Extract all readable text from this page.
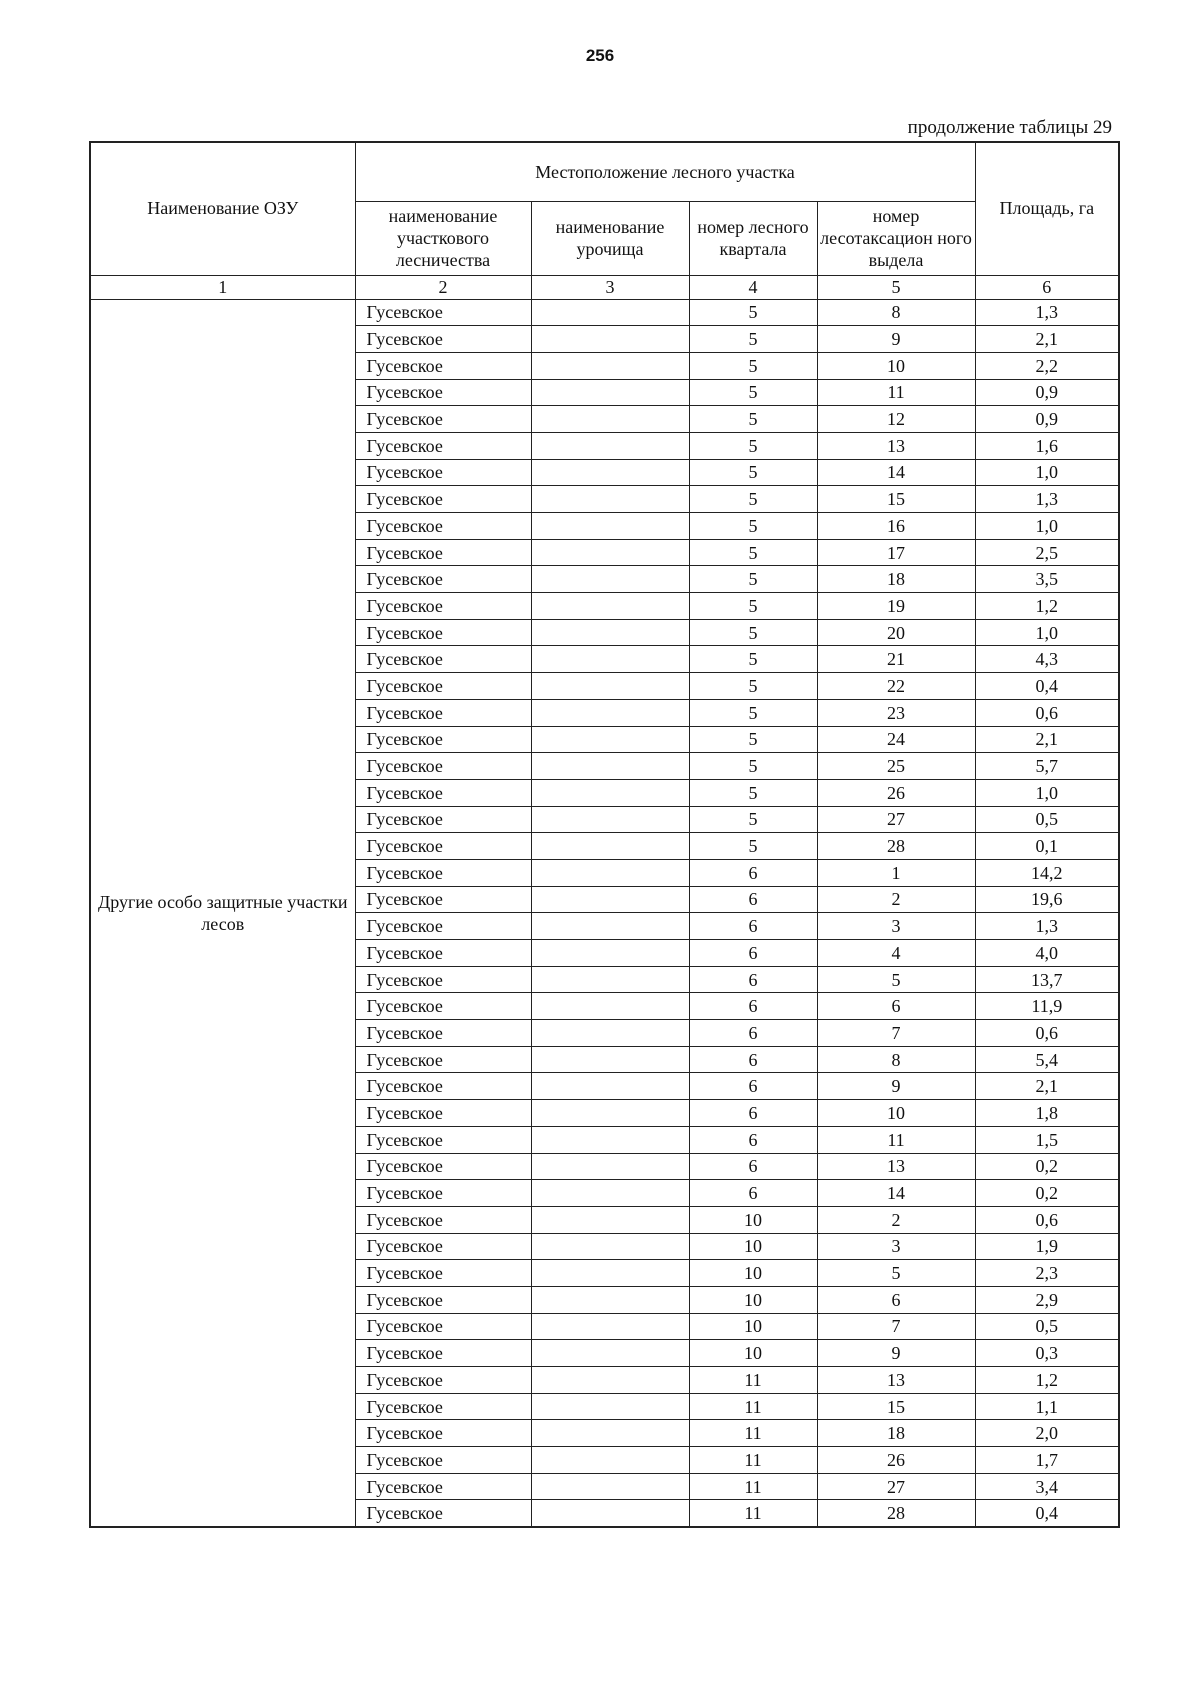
256
продолжение таблицы 29
Наименование ОЗУ	Местоположение лесного участка				Площадь, га
	наименование участкового лесничества	наименование урочища	номер лесного квартала	номер лесотаксацион ного выдела	
1	2	3	4	5	6
Другие особо защитные участки лесов	Гусевское		5	8	1,3
	Гусевское		5	9	2,1
	Гусевское		5	10	2,2
	Гусевское		5	11	0,9
	Гусевское		5	12	0,9
	Гусевское		5	13	1,6
	Гусевское		5	14	1,0
	Гусевское		5	15	1,3
	Гусевское		5	16	1,0
	Гусевское		5	17	2,5
	Гусевское		5	18	3,5
	Гусевское		5	19	1,2
	Гусевское		5	20	1,0
	Гусевское		5	21	4,3
	Гусевское		5	22	0,4
	Гусевское		5	23	0,6
	Гусевское		5	24	2,1
	Гусевское		5	25	5,7
	Гусевское		5	26	1,0
	Гусевское		5	27	0,5
	Гусевское		5	28	0,1
	Гусевское		6	1	14,2
	Гусевское		6	2	19,6
	Гусевское		6	3	1,3
	Гусевское		6	4	4,0
	Гусевское		6	5	13,7
	Гусевское		6	6	11,9
	Гусевское		6	7	0,6
	Гусевское		6	8	5,4
	Гусевское		6	9	2,1
	Гусевское		6	10	1,8
	Гусевское		6	11	1,5
	Гусевское		6	13	0,2
	Гусевское		6	14	0,2
	Гусевское		10	2	0,6
	Гусевское		10	3	1,9
	Гусевское		10	5	2,3
	Гусевское		10	6	2,9
	Гусевское		10	7	0,5
	Гусевское		10	9	0,3
	Гусевское		11	13	1,2
	Гусевское		11	15	1,1
	Гусевское		11	18	2,0
	Гусевское		11	26	1,7
	Гусевское		11	27	3,4
	Гусевское		11	28	0,4
